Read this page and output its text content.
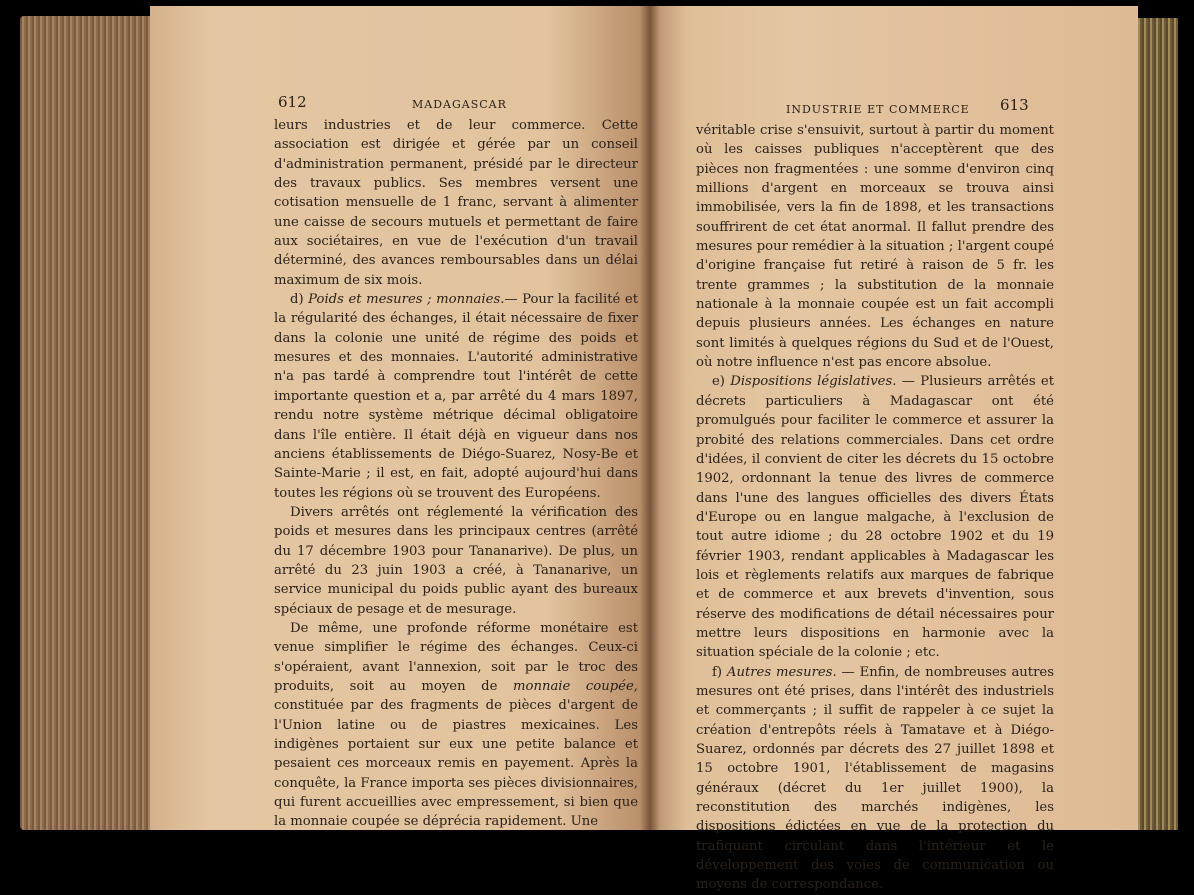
612	MADAGASCAR

leurs industries et de leur commerce. Cette association est dirigée et gérée par un conseil d'administration permanent, présidé par le directeur des travaux publics. Ses membres versent une cotisation mensuelle de 1 franc, servant à alimenter une caisse de secours mutuels et permettant de faire aux sociétaires, en vue de l'exécution d'un travail déterminé, des avances remboursables dans un délai maximum de six mois.

d) Poids et mesures ; monnaies.— Pour la facilité et la régularité des échanges, il était nécessaire de fixer dans la colonie une unité de régime des poids et mesures et des monnaies. L'autorité administrative n'a pas tardé à comprendre tout l'intérêt de cette importante question et a, par arrêté du 4 mars 1897, rendu notre système métrique décimal obligatoire dans l'île entière. Il était déjà en vigueur dans nos anciens établissements de Diégo-Suarez, Nosy-Be et Sainte-Marie ; il est, en fait, adopté aujourd'hui dans toutes les régions où se trouvent des Européens.

Divers arrêtés ont réglementé la vérification des poids et mesures dans les principaux centres (arrêté du 17 décembre 1903 pour Tananarive). De plus, un arrêté du 23 juin 1903 a créé, à Tananarive, un service municipal du poids public ayant des bureaux spéciaux de pesage et de mesurage.

De même, une profonde réforme monétaire est venue simplifier le régime des échanges. Ceux-ci s'opéraient, avant l'annexion, soit par le troc des produits, soit au moyen de monnaie coupée, constituée par des fragments de pièces d'argent de l'Union latine ou de piastres mexicaines. Les indigènes portaient sur eux une petite balance et pesaient ces morceaux remis en payement. Après la conquête, la France importa ses pièces divisionnaires, qui furent accueillies avec empressement, si bien que la monnaie coupée se déprécia rapidement. Une

INDUSTRIE ET COMMERCE 613

véritable crise s'ensuivit, surtout à partir du moment où les caisses publiques n'acceptèrent que des pièces non fragmentées : une somme d'environ cinq millions d'argent en morceaux se trouva ainsi immobilisée, vers la fin de 1898, et les transactions souffrirent de cet état anormal. Il fallut prendre des mesures pour remédier à la situation ; l'argent coupé d'origine française fut retiré à raison de 5 fr. les trente grammes ; la substitution de la monnaie nationale à la monnaie coupée est un fait accompli depuis plusieurs années. Les échanges en nature sont limités à quelques régions du Sud et de l'Ouest, où notre influence n'est pas encore absolue.

e) Dispositions législatives. — Plusieurs arrêtés et décrets particuliers à Madagascar ont été promulgués pour faciliter le commerce et assurer la probité des relations commerciales. Dans cet ordre d'idées, il convient de citer les décrets du 15 octobre 1902, ordonnant la tenue des livres de commerce dans l'une des langues officielles des divers États d'Europe ou en langue malgache, à l'exclusion de tout autre idiome ; du 28 octobre 1902 et du 19 février 1903, rendant applicables à Madagascar les lois et règlements relatifs aux marques de fabrique et de commerce et aux brevets d'invention, sous réserve des modifications de détail nécessaires pour mettre leurs dispositions en harmonie avec la situation spéciale de la colonie ; etc.

f) Autres mesures. — Enfin, de nombreuses autres mesures ont été prises, dans l'intérêt des industriels et commerçants ; il suffit de rappeler à ce sujet la création d'entrepôts réels à Tamatave et à Diégo-Suarez, ordonnés par décrets des 27 juillet 1898 et 15 octobre 1901, l'établissement de magasins généraux (décret du 1er juillet 1900), la reconstitution des marchés indigènes, les dispositions édictées en vue de la protection du trafiquant circulant dans l'intérieur et le développement des voies de communication ou moyens de correspondance.
